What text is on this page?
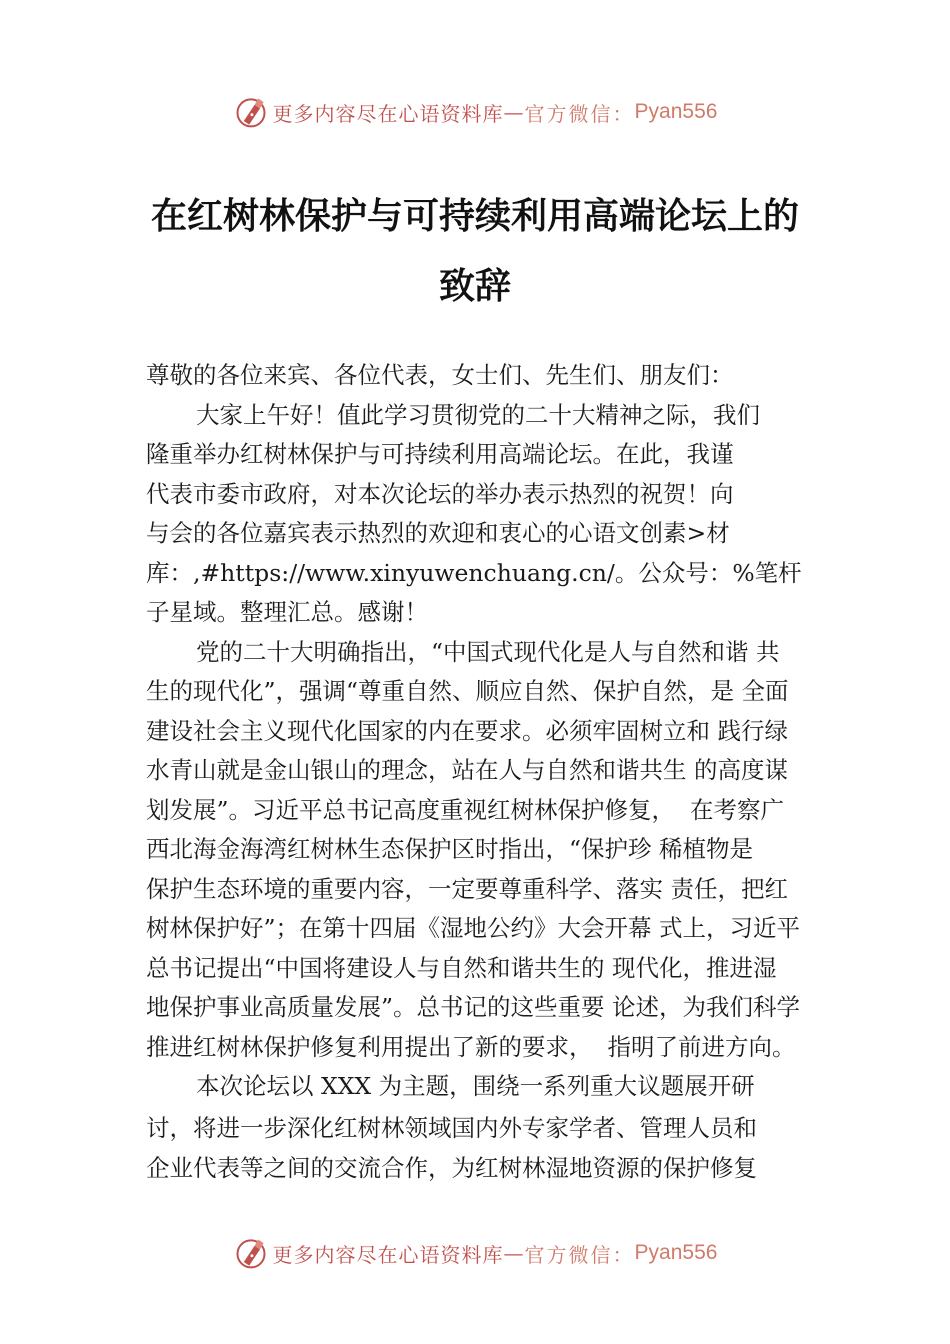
更多内容尽在心语资料库 — 官方微信： Pyan556
在红树林保护与可持续利用高端论坛上的
致辞
尊敬的各位来宾、各位代表，女士们、先生们、朋友们：
大家上午好！值此学习贯彻党的二十大精神之际，我们
隆重举办红树林保护与可持续利用高端论坛。在此，我谨
代表市委市政府，对本次论坛的举办表示热烈的祝贺！向
与会的各位嘉宾表示热烈的欢迎和衷心的心语文创素>材
库：,#https://www.xinyuwenchuang.cn/。公众号：%笔杆
子星域。整理汇总。感谢！
党的二十大明确指出，“中国式现代化是人与自然和谐 共
生的现代化”，强调“尊重自然、顺应自然、保护自然，是 全面
建设社会主义现代化国家的内在要求。必须牢固树立和 践行绿
水青山就是金山银山的理念，站在人与自然和谐共生 的高度谋
划发展”。习近平总书记高度重视红树林保护修复，  在考察广
西北海金海湾红树林生态保护区时指出，“保护珍 稀植物是
保护生态环境的重要内容，一定要尊重科学、落实 责任，把红
树林保护好”；在第十四届《湿地公约》大会开幕 式上，习近平
总书记提出“中国将建设人与自然和谐共生的 现代化，推进湿
地保护事业高质量发展”。总书记的这些重要 论述，为我们科学
推进红树林保护修复利用提出了新的要求，  指明了前进方向。
本次论坛以 XXX 为主题，围绕一系列重大议题展开研
讨，将进一步深化红树林领域国内外专家学者、管理人员和
企业代表等之间的交流合作，为红树林湿地资源的保护修复
更多内容尽在心语资料库 — 官方微信： Pyan556
